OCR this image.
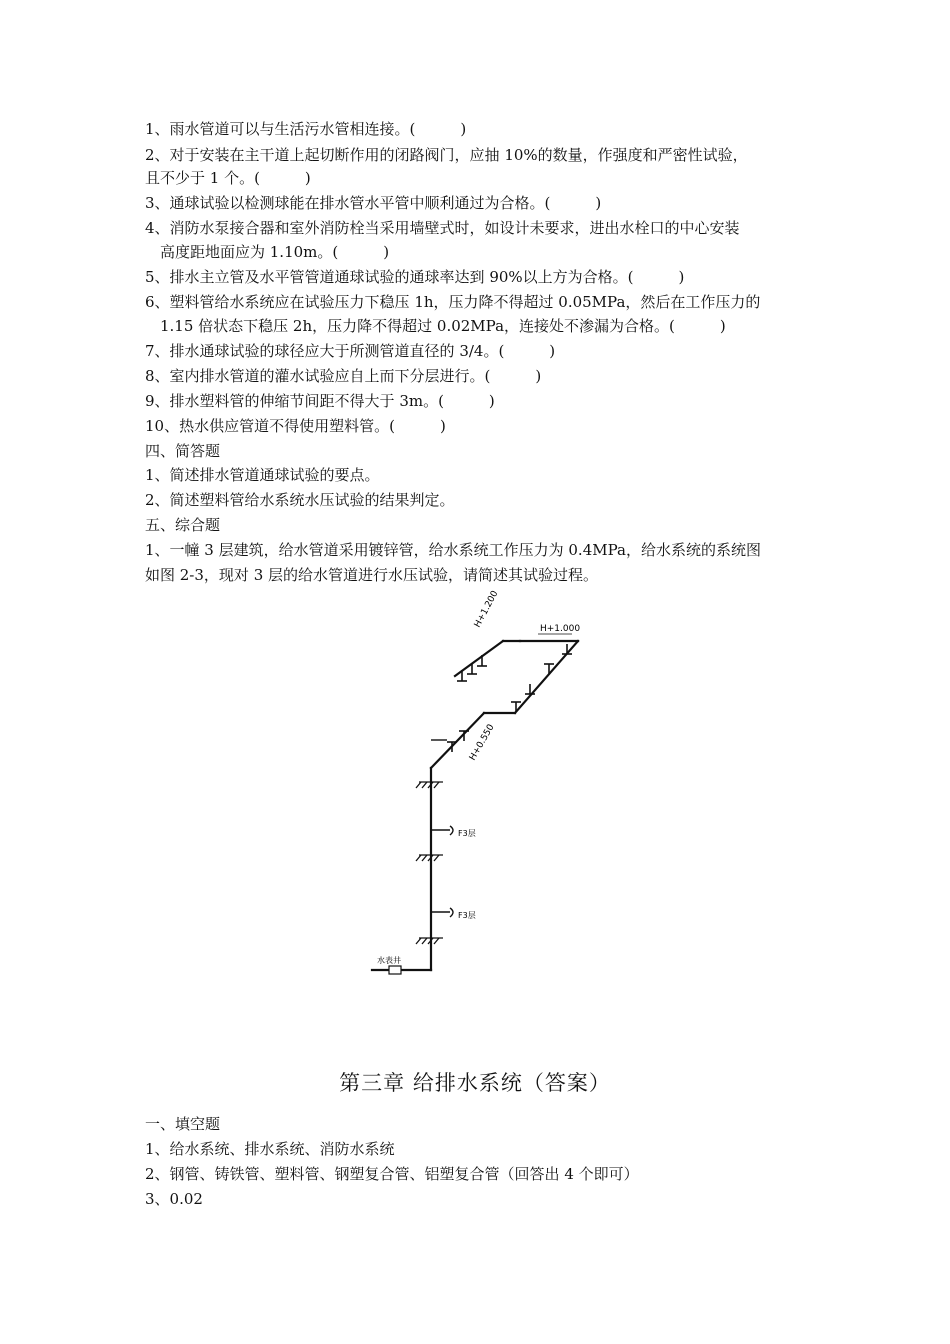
1、雨水管道可以与生活污水管相连接。(　　　)
2、对于安装在主干道上起切断作用的闭路阀门，应抽 10%的数量，作强度和严密性试验，
且不少于 1 个。(　　　)
3、通球试验以检测球能在排水管水平管中顺利通过为合格。(　　　)
4、消防水泵接合器和室外消防栓当采用墙壁式时，如设计未要求，进出水栓口的中心安装
高度距地面应为 1.10m。(　　　)
5、排水主立管及水平管管道通球试验的通球率达到 90%以上方为合格。(　　　)
6、塑料管给水系统应在试验压力下稳压 1h，压力降不得超过 0.05MPa，然后在工作压力的
1.15 倍状态下稳压 2h，压力降不得超过 0.02MPa，连接处不渗漏为合格。(　　　)
7、排水通球试验的球径应大于所测管道直径的 3/4。(　　　)
8、室内排水管道的灌水试验应自上而下分层进行。(　　　)
9、排水塑料管的伸缩节间距不得大于 3m。(　　　)
10、热水供应管道不得使用塑料管。(　　　)
四、简答题
1、简述排水管道通球试验的要点。
2、简述塑料管给水系统水压试验的结果判定。
五、综合题
1、一幢 3 层建筑，给水管道采用镀锌管，给水系统工作压力为 0.4MPa，给水系统的系统图
如图 2-3，现对 3 层的给水管道进行水压试验，请简述其试验过程。
H+1.200	H+1.000
H+0.550
F3层
F3层
水表井
第三章 给排水系统（答案）
一、填空题
1、给水系统、排水系统、消防水系统
2、钢管、铸铁管、塑料管、钢塑复合管、铝塑复合管（回答出 4 个即可）
3、0.02
